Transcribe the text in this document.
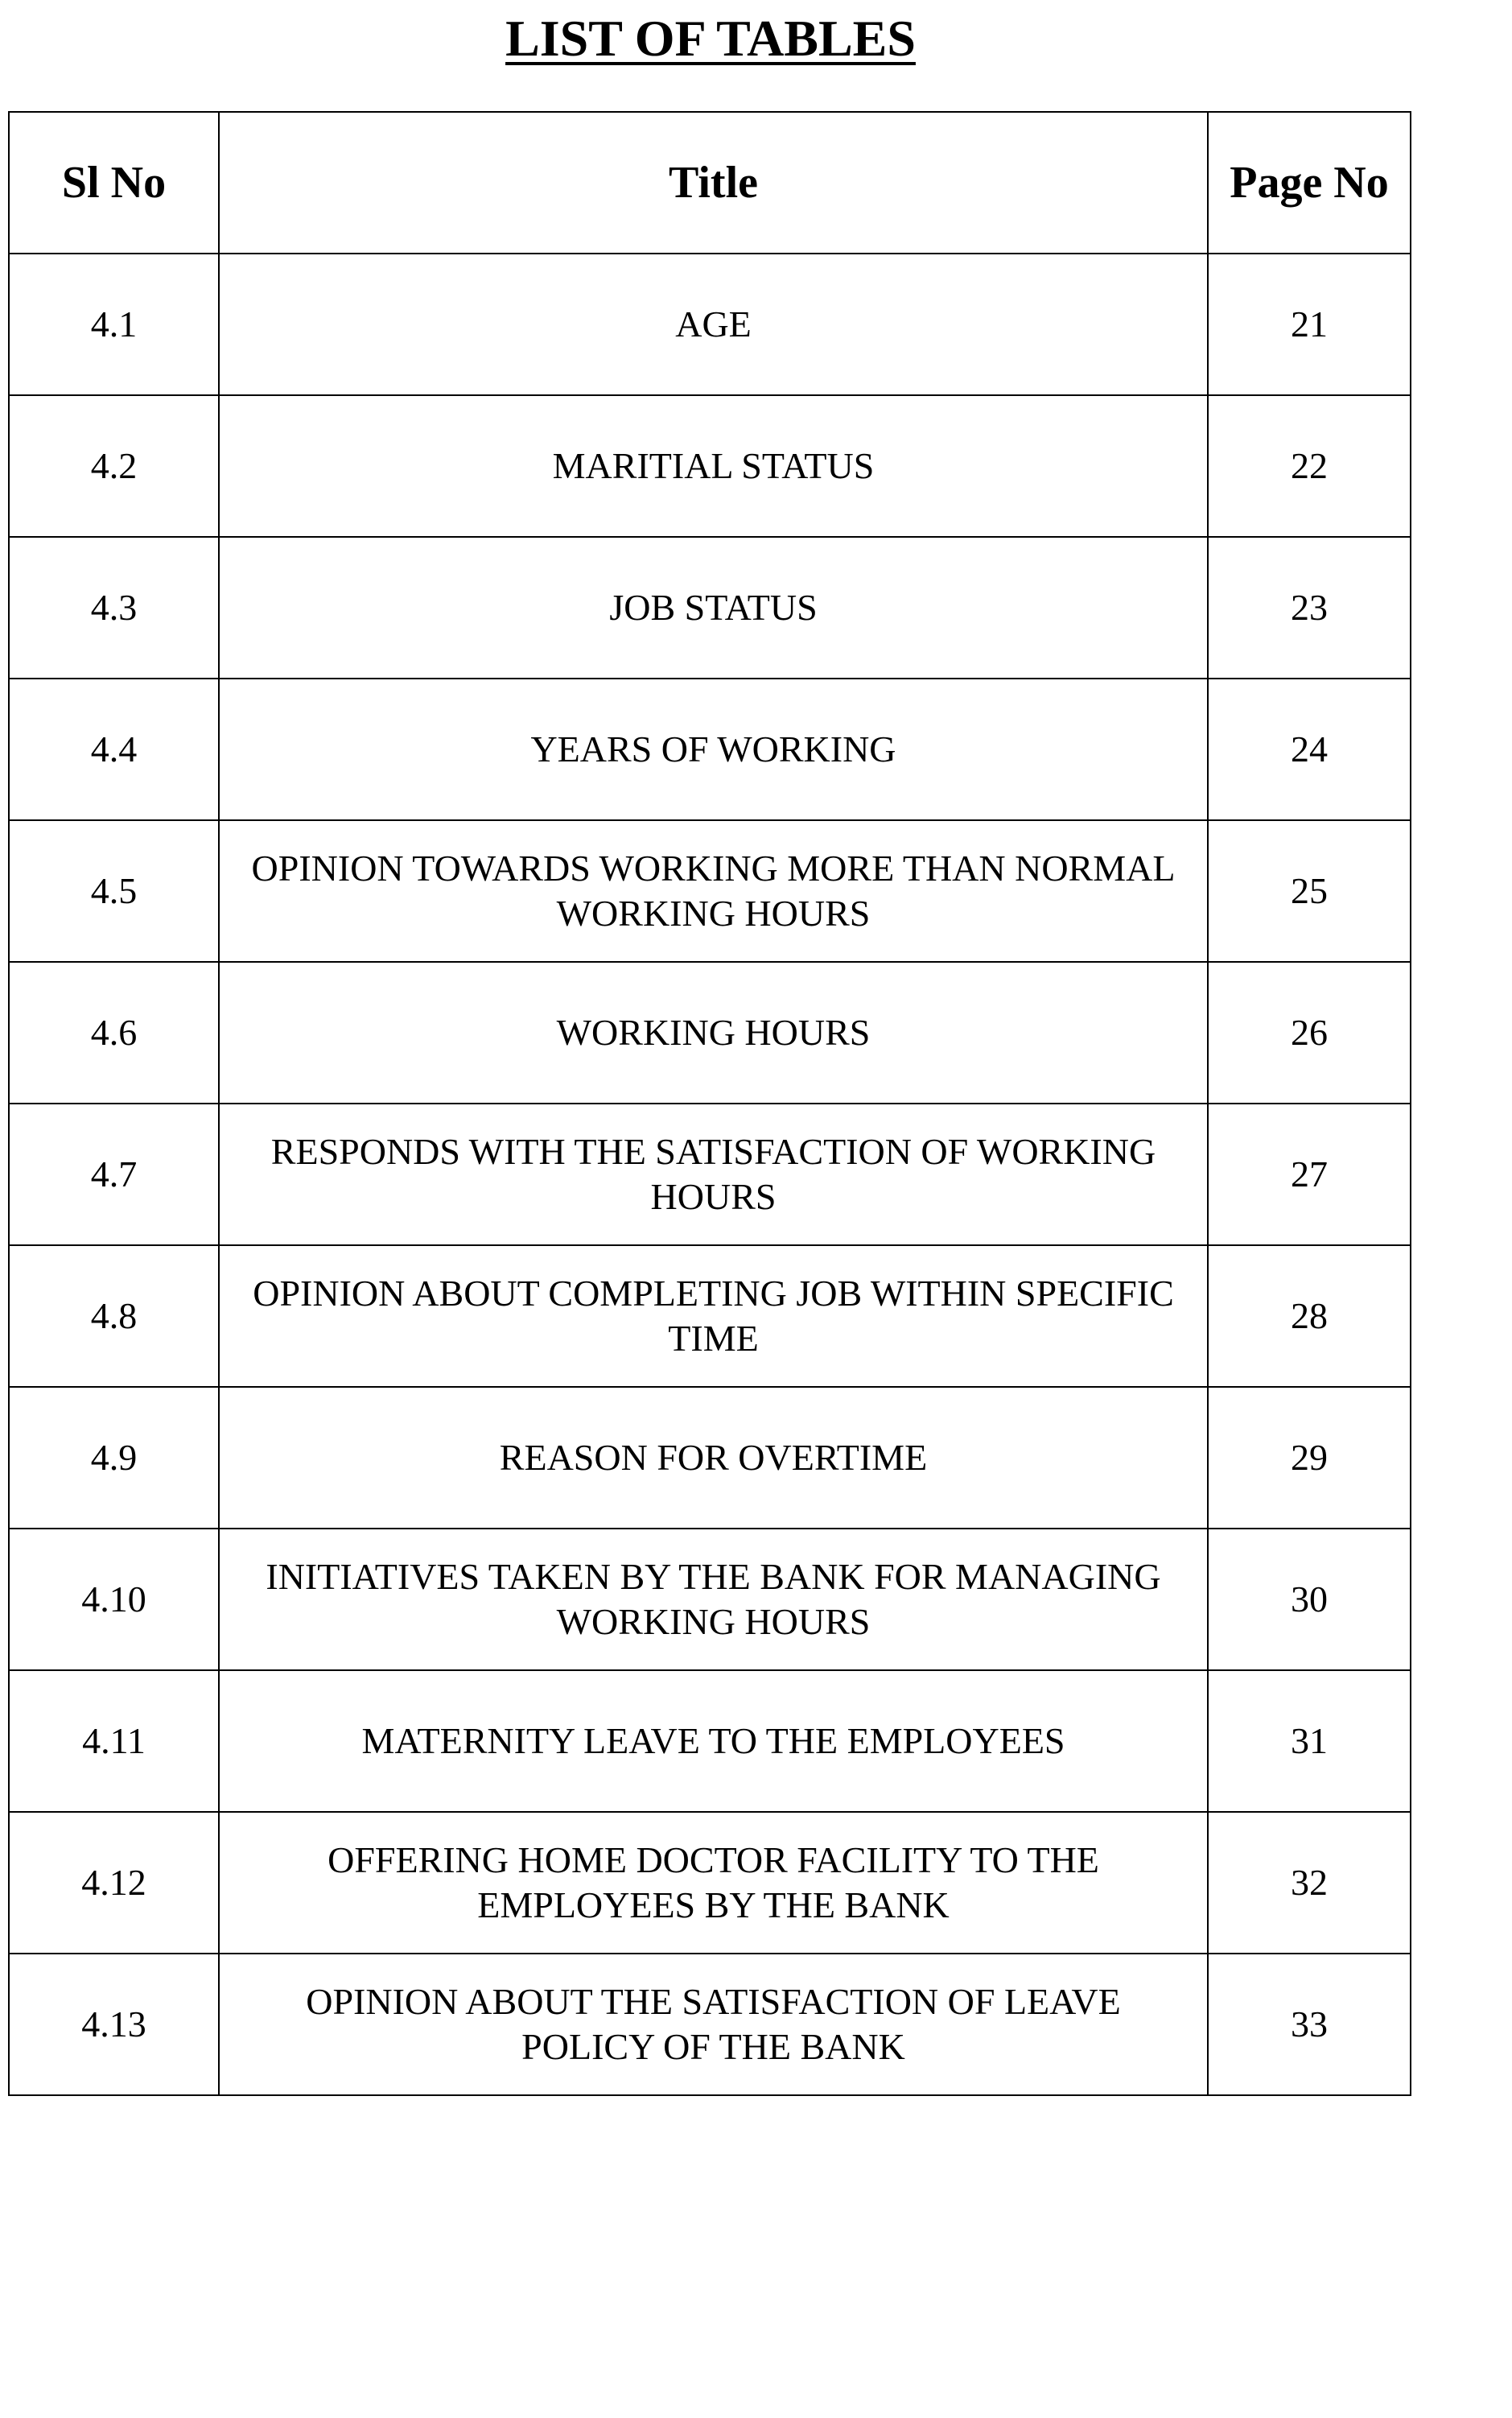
LIST OF TABLES
Sl No	Title	Page No
4.1	AGE	21
4.2	MARITIAL STATUS	22
4.3	JOB STATUS	23
4.4	YEARS OF WORKING	24
4.5	OPINION TOWARDS WORKING MORE THAN NORMAL WORKING HOURS	25
4.6	WORKING HOURS	26
4.7	RESPONDS WITH THE SATISFACTION OF WORKING HOURS	27
4.8	OPINION ABOUT COMPLETING JOB WITHIN SPECIFIC TIME	28
4.9	REASON FOR OVERTIME	29
4.10	INITIATIVES TAKEN BY THE BANK FOR MANAGING WORKING HOURS	30
4.11	MATERNITY LEAVE TO THE EMPLOYEES	31
4.12	OFFERING HOME DOCTOR FACILITY TO THE EMPLOYEES BY THE BANK	32
4.13	OPINION ABOUT THE SATISFACTION OF LEAVE POLICY OF THE BANK	33
